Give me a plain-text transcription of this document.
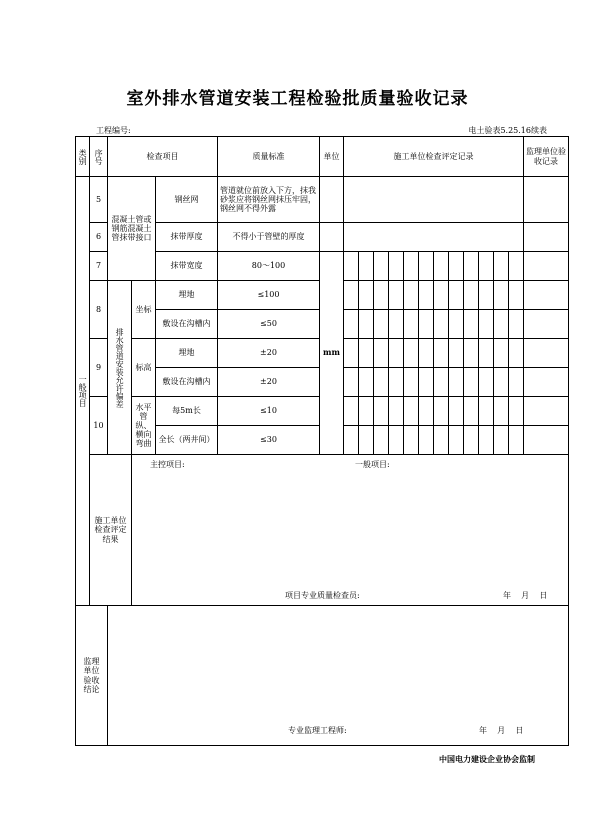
室外排水管道安装工程检验批质量验收记录
工程编号:	电土验表5.25.16续表
类别	序号	检查项目			质量标准	单位	施工单位检查评定记录												监理单位验收记录

一般项目	5	混凝土管或钢筋混凝土管抹带接口		钢丝网	管道就位前放入下方，抹我砂浆应将钢丝网抹压牢固，钢丝网不得外露														
	6			抹带厚度	不得小于管壁的厚度														
	7			抹带宽度	80～100	mm													
	8	排水管道安装允许偏差	坐标	埋地	≤100														
				敷设在沟槽内	≤50														
	9		标高	埋地	±20														
				敷设在沟槽内	±20														
	10		水平管纵、横向弯曲	每5m长	≤10														
				全长（两井间）	≤30														
	施工单位检查评定结果		主控项目: 一般项目:
项目专业质量检查员: 年    月    日																

监理单位验收结论		专业监理工程师: 年    月    日																	
中国电力建设企业协会监制
